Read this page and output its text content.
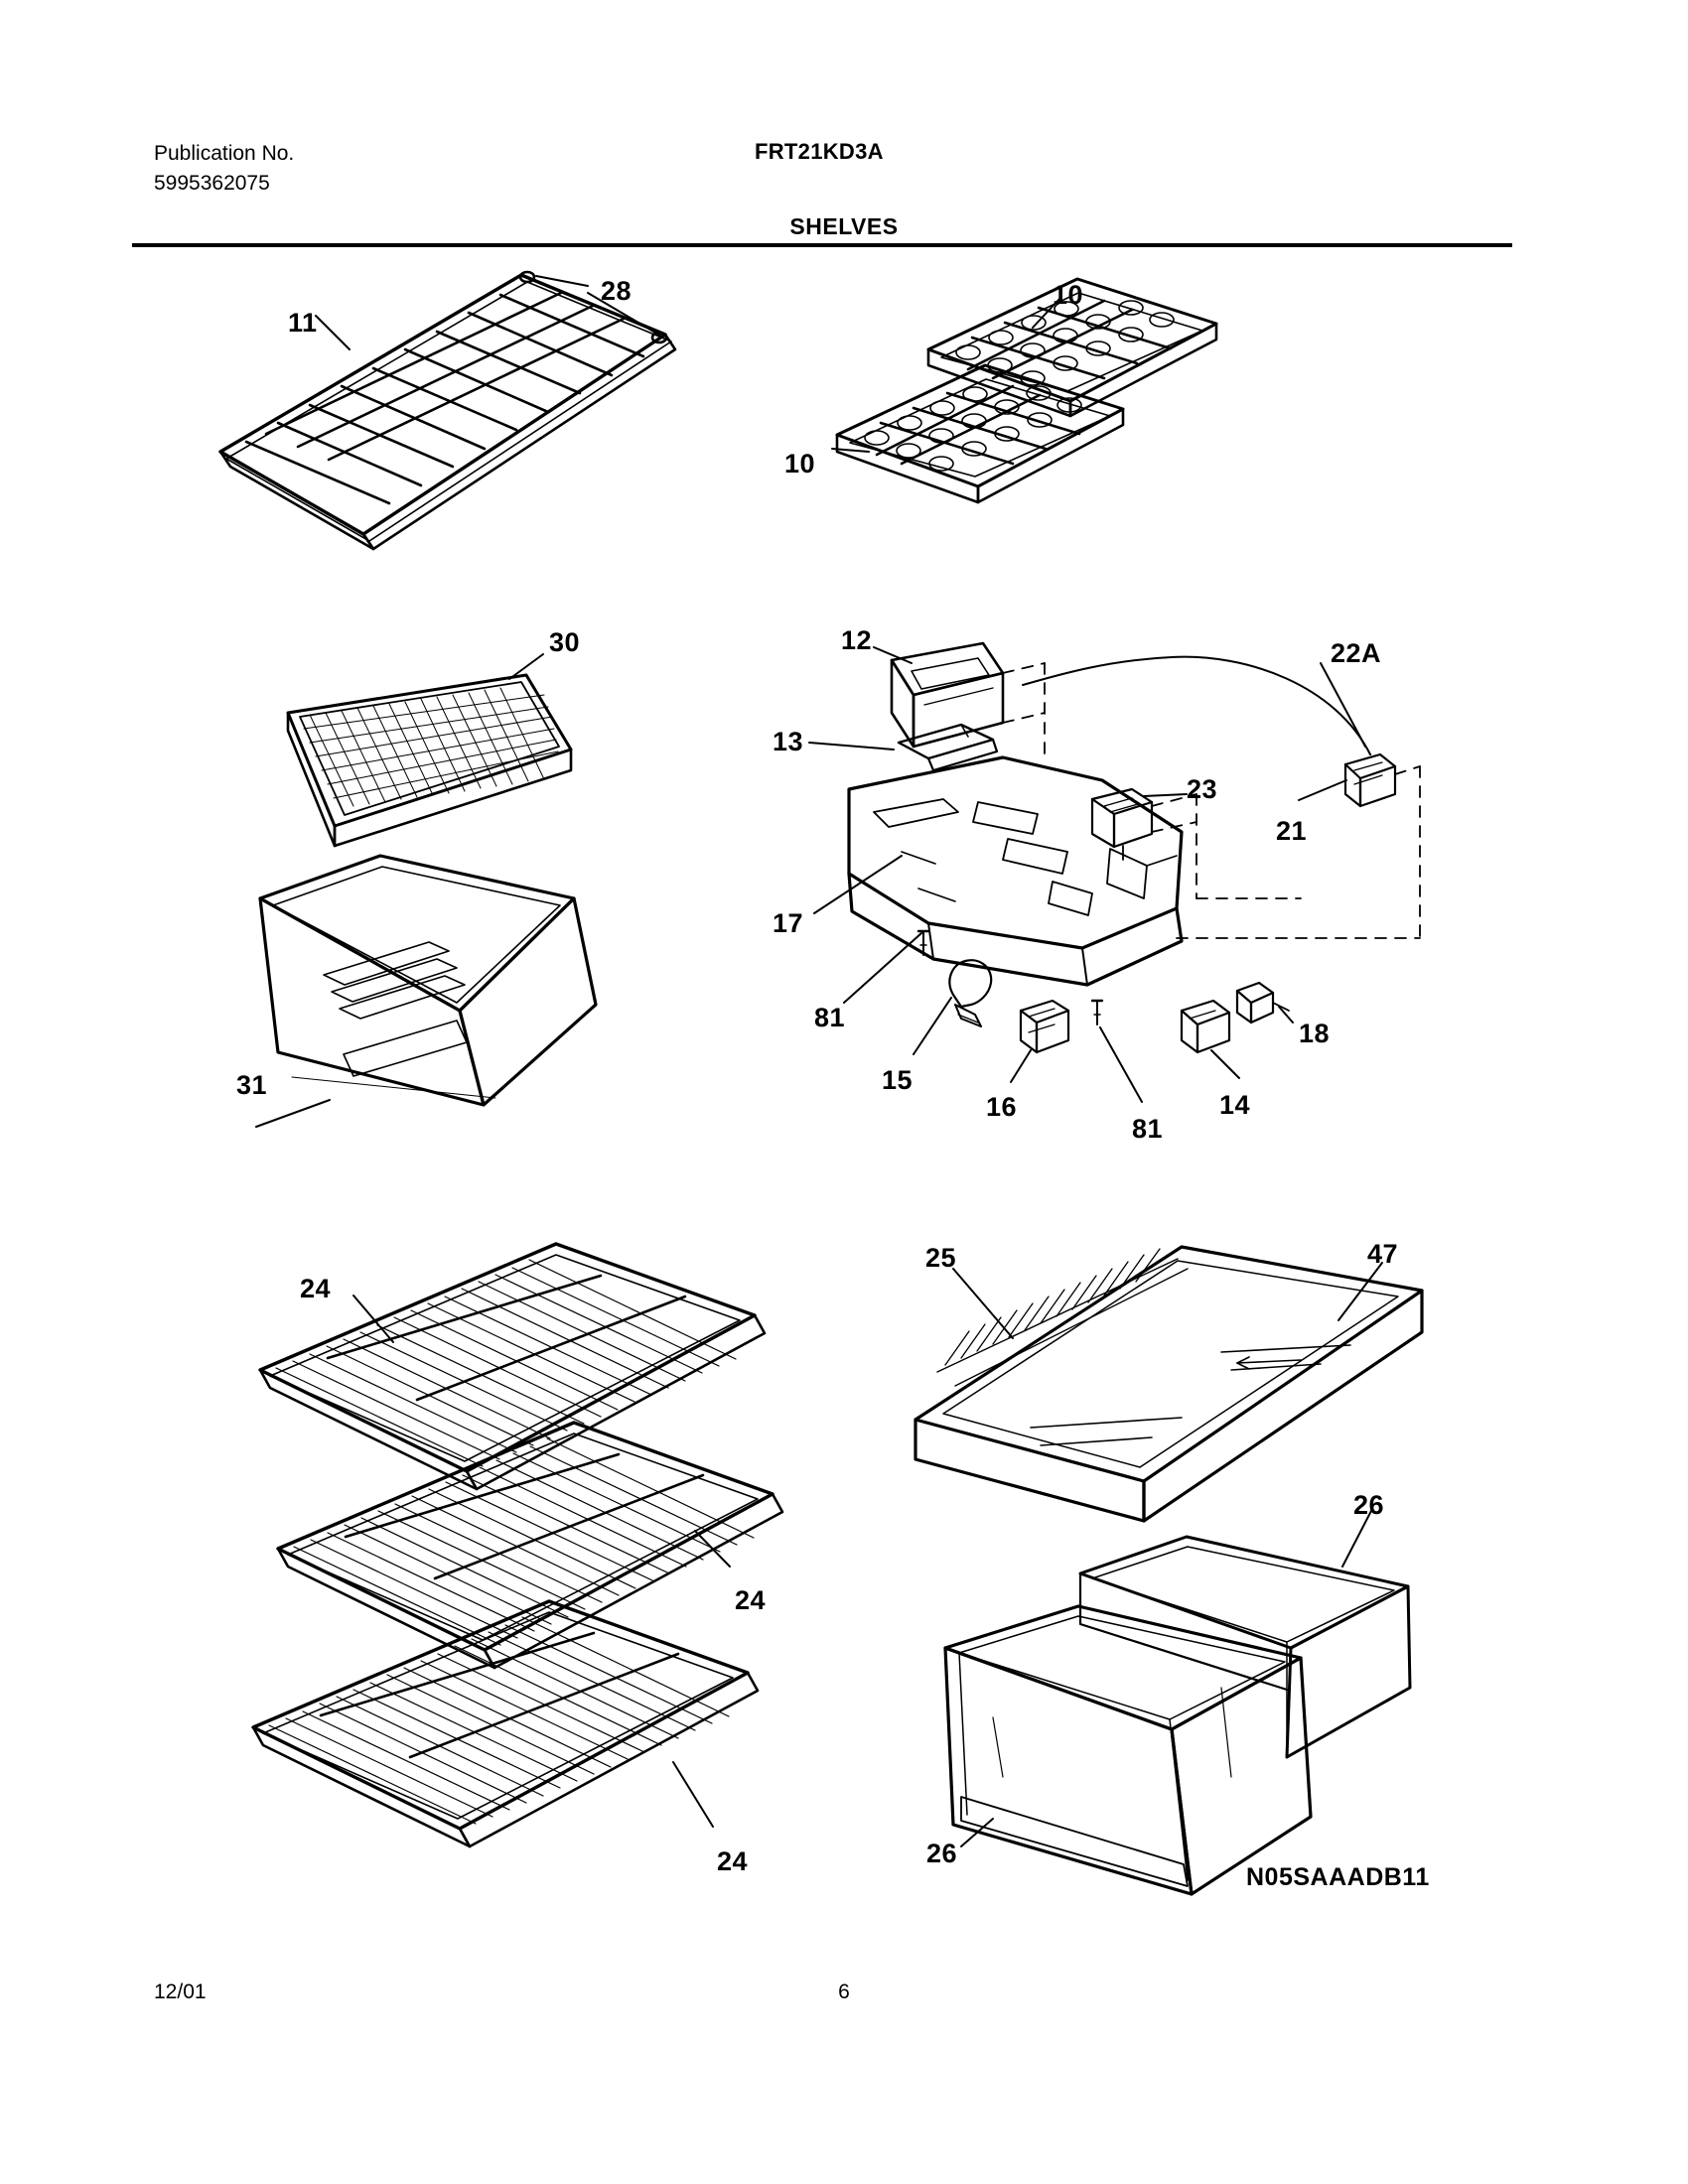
Publication No.
5995362075
FRT21KD3A
SHELVES
11
28	10
10
30
31
12	22A
13
23
21
17
81
15
16
81
14
18
24
24
24
25	47
26
26
N05SAAADB11
12/01	6
